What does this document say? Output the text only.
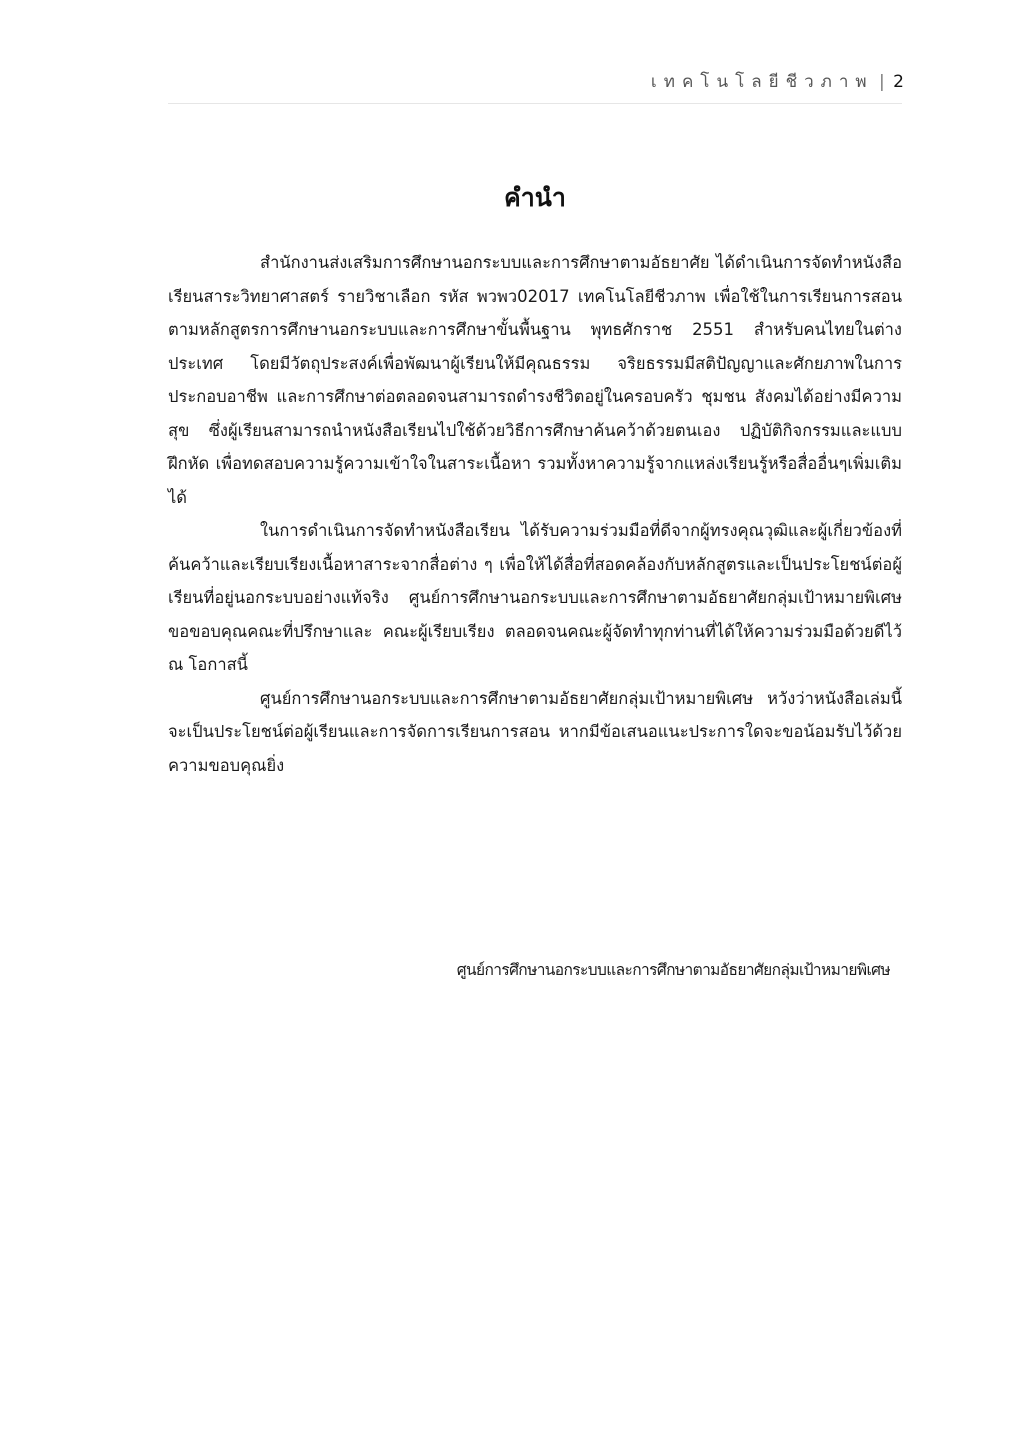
เทคโนโลยีชีวภาพ | 2
คำนำ

สำนักงานส่งเสริมการศึกษานอกระบบและการศึกษาตามอัธยาศัย ได้ดำเนินการจัดทำหนังสือเรียนสาระวิทยาศาสตร์ รายวิชาเลือก รหัส พวพว02017 เทคโนโลยีชีวภาพ เพื่อใช้ในการเรียนการสอนตามหลักสูตรการศึกษานอกระบบและการศึกษาขั้นพื้นฐาน พุทธศักราช 2551 สำหรับคนไทยในต่างประเทศ โดยมีวัตถุประสงค์เพื่อพัฒนาผู้เรียนให้มีคุณธรรม จริยธรรมมีสติปัญญาและศักยภาพในการประกอบอาชีพ และการศึกษาต่อตลอดจนสามารถดำรงชีวิตอยู่ในครอบครัว ชุมชน สังคมได้อย่างมีความสุข ซึ่งผู้เรียนสามารถนำหนังสือเรียนไปใช้ด้วยวิธีการศึกษาค้นคว้าด้วยตนเอง ปฏิบัติกิจกรรมและแบบฝึกหัด เพื่อทดสอบความรู้ความเข้าใจในสาระเนื้อหา รวมทั้งหาความรู้จากแหล่งเรียนรู้หรือสื่ออื่นๆเพิ่มเติมได้

ในการดำเนินการจัดทำหนังสือเรียน ได้รับความร่วมมือที่ดีจากผู้ทรงคุณวุฒิและผู้เกี่ยวข้องที่ค้นคว้าและเรียบเรียงเนื้อหาสาระจากสื่อต่าง ๆ เพื่อให้ได้สื่อที่สอดคล้องกับหลักสูตรและเป็นประโยชน์ต่อผู้เรียนที่อยู่นอกระบบอย่างแท้จริง ศูนย์การศึกษานอกระบบและการศึกษาตามอัธยาศัยกลุ่มเป้าหมายพิเศษ ขอขอบคุณคณะที่ปรึกษาและ คณะผู้เรียบเรียง ตลอดจนคณะผู้จัดทำทุกท่านที่ได้ให้ความร่วมมือด้วยดีไว้ ณ โอกาสนี้

ศูนย์การศึกษานอกระบบและการศึกษาตามอัธยาศัยกลุ่มเป้าหมายพิเศษ หวังว่าหนังสือเล่มนี้จะเป็นประโยชน์ต่อผู้เรียนและการจัดการเรียนการสอน หากมีข้อเสนอแนะประการใดจะขอน้อมรับไว้ด้วยความขอบคุณยิ่ง

ศูนย์การศึกษานอกระบบและการศึกษาตามอัธยาศัยกลุ่มเป้าหมายพิเศษ
